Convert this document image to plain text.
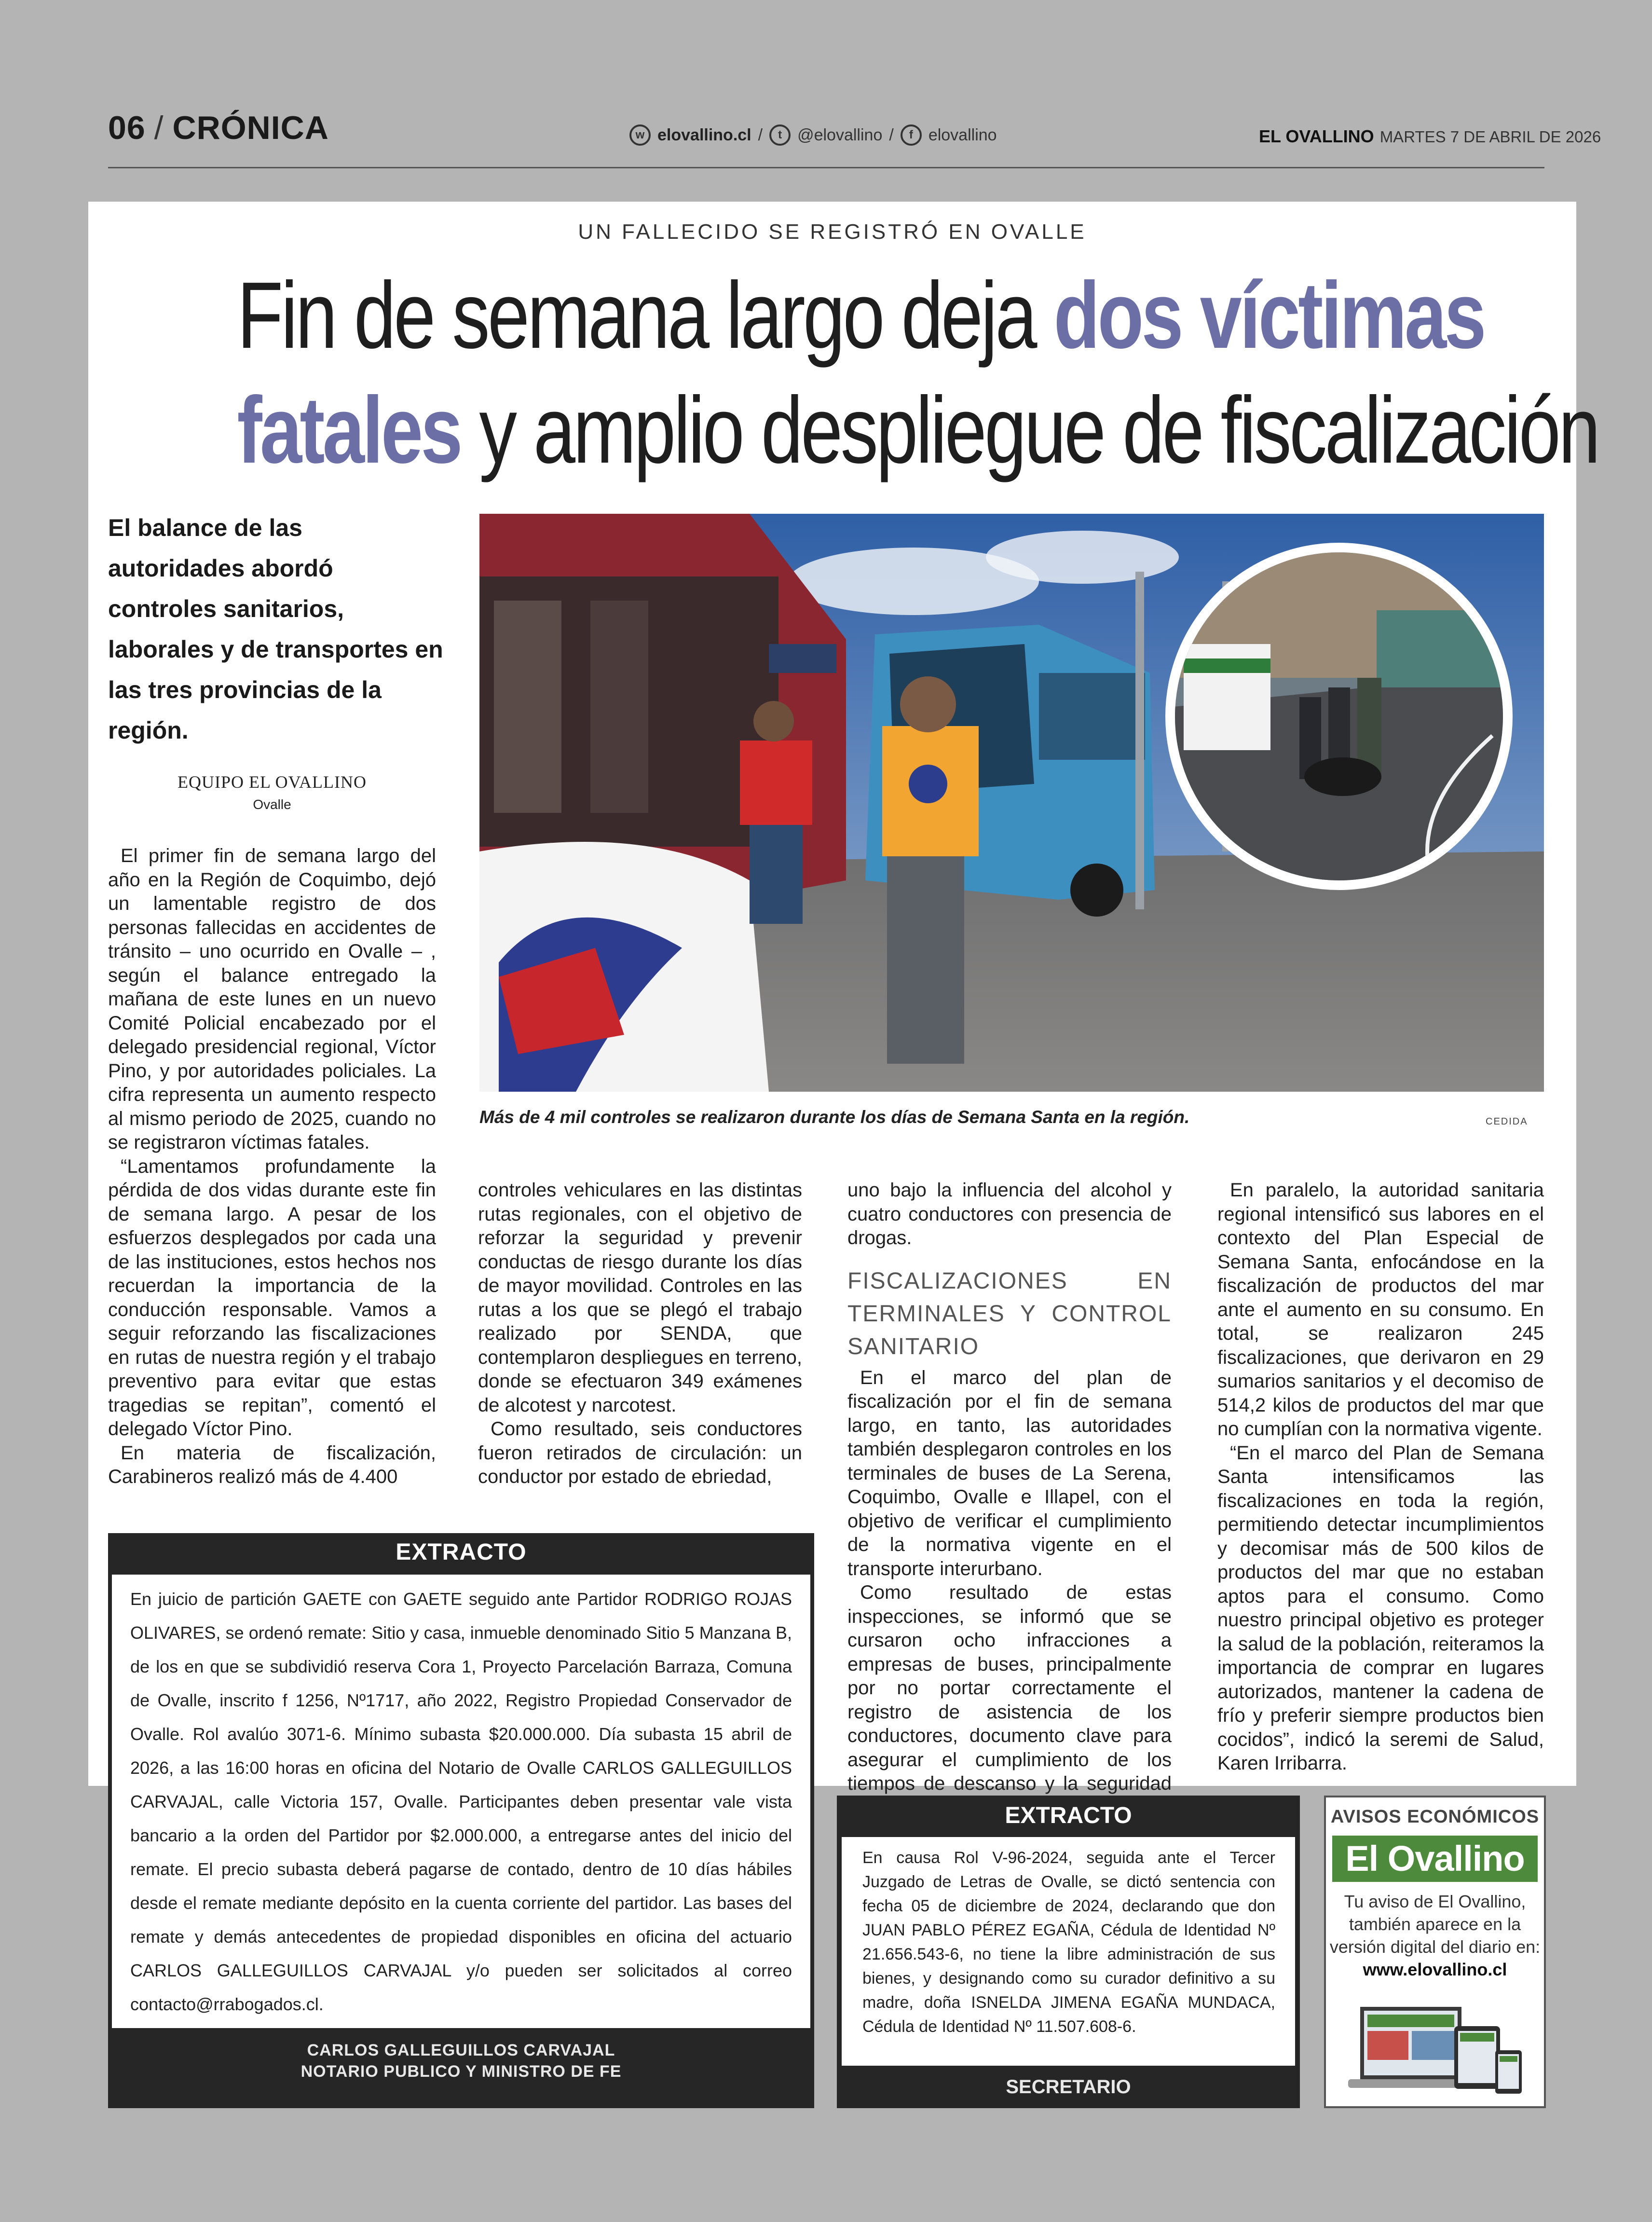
06 / CRÓNICA	w elovallino.cl /	t @elovallino /	f elovallino	EL OVALLINO MARTES 7 DE ABRIL DE 2026
UN FALLECIDO SE REGISTRÓ EN OVALLE
Fin de semana largo deja dos víctimas
fatales y amplio despliegue de fiscalización
El balance de las autoridades abordó controles sanitarios, laborales y de transportes en las tres provincias de la región.
EQUIPO EL OVALLINO
Ovalle
Más de 4 mil controles se realizaron durante los días de Semana Santa en la región.	CEDIDA

El primer fin de semana largo del año en la Región de Coquimbo, dejó un lamentable registro de dos personas fallecidas en accidentes de tránsito – uno ocurrido en Ovalle – , según el balance entregado la mañana de este lunes en un nuevo Comité Policial encabezado por el delegado presidencial regional, Víctor Pino, y por autoridades policiales. La cifra representa un aumento respecto al mismo periodo de 2025, cuando no se registraron víctimas fatales.

“Lamentamos profundamente la pérdida de dos vidas durante este fin de semana largo. A pesar de los esfuerzos desplegados por cada una de las instituciones, estos hechos nos recuerdan la importancia de la conducción responsable. Vamos a seguir reforzando las fiscalizaciones en rutas de nuestra región y el trabajo preventivo para evitar que estas tragedias se repitan”, comentó el delegado Víctor Pino.

En materia de fiscalización, Carabineros realizó más de 4.400

controles vehiculares en las distintas rutas regionales, con el objetivo de reforzar la seguridad y prevenir conductas de riesgo durante los días de mayor movilidad. Controles en las rutas a los que se plegó el trabajo realizado por SENDA, que contemplaron despliegues en terreno, donde se efectuaron 349 exámenes de alcotest y narcotest.

Como resultado, seis conductores fueron retirados de circulación: un conductor por estado de ebriedad,

uno bajo la influencia del alcohol y cuatro conductores con presencia de drogas.

FISCALIZACIONES EN TERMINALES Y CONTROL SANITARIO

En el marco del plan de fiscalización por el fin de semana largo, en tanto, las autoridades también desplegaron controles en los terminales de buses de La Serena, Coquimbo, Ovalle e Illapel, con el objetivo de verificar el cumplimiento de la normativa vigente en el transporte interurbano.

Como resultado de estas inspecciones, se informó que se cursaron ocho infracciones a empresas de buses, principalmente por no portar correctamente el registro de asistencia de los conductores, documento clave para asegurar el cumplimiento de los tiempos de descanso y la seguridad

En paralelo, la autoridad sanitaria regional intensificó sus labores en el contexto del Plan Especial de Semana Santa, enfocándose en la fiscalización de productos del mar ante el aumento en su consumo. En total, se realizaron 245 fiscalizaciones, que derivaron en 29 sumarios sanitarios y el decomiso de 514,2 kilos de productos del mar que no cumplían con la normativa vigente.

“En el marco del Plan de Semana Santa intensificamos las fiscalizaciones en toda la región, permitiendo detectar incumplimientos y decomisar más de 500 kilos de productos del mar que no estaban aptos para el consumo. Como nuestro principal objetivo es proteger la salud de la población, reiteramos la importancia de comprar en lugares autorizados, mantener la cadena de frío y preferir siempre productos bien cocidos”, indicó la seremi de Salud, Karen Irribarra.

EXTRACTO
En juicio de partición GAETE con GAETE seguido ante Partidor RODRIGO ROJAS OLIVARES, se ordenó remate: Sitio y casa, inmueble denominado Sitio 5 Manzana B, de los en que se subdividió reserva Cora 1, Proyecto Parcelación Barraza, Comuna de Ovalle, inscrito f 1256, Nº1717, año 2022, Registro Propiedad Conservador de Ovalle. Rol avalúo 3071-6. Mínimo subasta $20.000.000. Día subasta 15 abril de 2026, a las 16:00 horas en oficina del Notario de Ovalle CARLOS GALLEGUILLOS CARVAJAL, calle Victoria 157, Ovalle. Participantes deben presentar vale vista bancario a la orden del Partidor por $2.000.000, a entregarse antes del inicio del remate. El precio subasta deberá pagarse de contado, dentro de 10 días hábiles desde el remate mediante depósito en la cuenta corriente del partidor. Las bases del remate y demás antecedentes de propiedad disponibles en oficina del actuario CARLOS GALLEGUILLOS CARVAJAL y/o pueden ser solicitados al correo contacto@rrabogados.cl.
CARLOS GALLEGUILLOS CARVAJAL
NOTARIO PUBLICO Y MINISTRO DE FE
EXTRACTO
En causa Rol V-96-2024, seguida ante el Tercer Juzgado de Letras de Ovalle, se dictó sentencia con fecha 05 de diciembre de 2024, declarando que don JUAN PABLO PÉREZ EGAÑA, Cédula de Identidad Nº 21.656.543-6, no tiene la libre administración de sus bienes, y designando como su curador definitivo a su madre, doña ISNELDA JIMENA EGAÑA MUNDACA, Cédula de Identidad Nº 11.507.608-6.
SECRETARIO
AVISOS ECONÓMICOS
El Ovallino
Tu aviso de El Ovallino, también aparece en la versión digital del diario en: www.elovallino.cl
